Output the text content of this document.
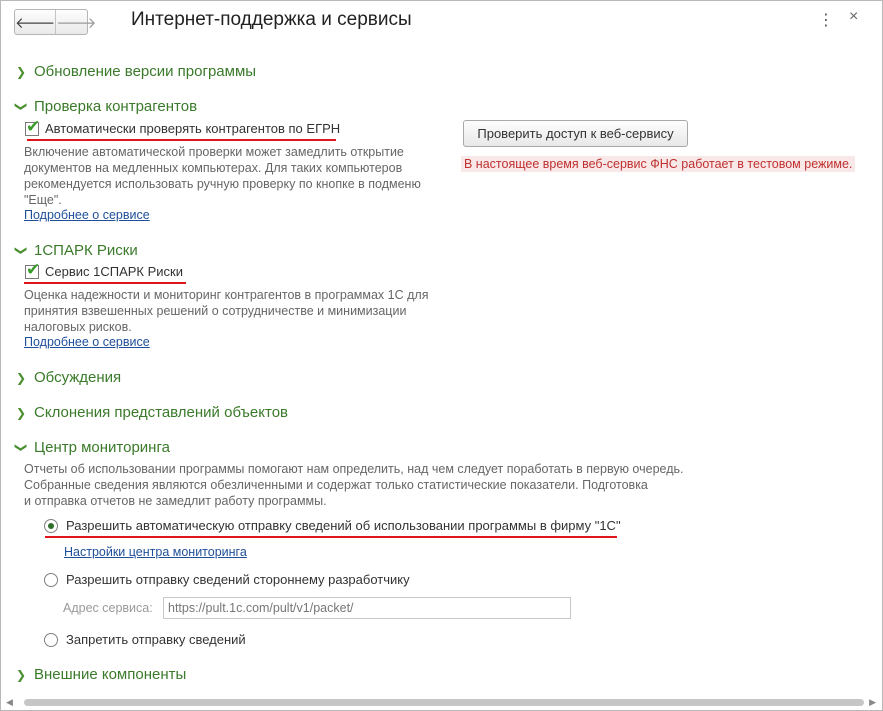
🡐 🡒 Интернет-поддержка и сервисы	⋮ ×
❯ Обновление версии программы
❯ Проверка контрагентов
✔ Автоматически проверять контрагентов по ЕГРН
Включение автоматической проверки может замедлить открытие
документов на медленных компьютерах. Для таких компьютеров
рекомендуется использовать ручную проверку по кнопке в подменю
"Еще".
Подробнее о сервисе
Проверить доступ к веб-сервису
В настоящее время веб-сервис ФНС работает в тестовом режиме.
❯ 1СПАРК Риски
✔ Сервис 1СПАРК Риски
Оценка надежности и мониторинг контрагентов в программах 1С для
принятия взвешенных решений о сотрудничестве и минимизации
налоговых рисков.
Подробнее о сервисе
❯ Обсуждения
❯ Склонения представлений объектов
❯ Центр мониторинга
Отчеты об использовании программы помогают нам определить, над чем следует поработать в первую очередь.
Собранные сведения являются обезличенными и содержат только статистические показатели. Подготовка
и отправка отчетов не замедлит работу программы.
Разрешить автоматическую отправку сведений об использовании программы в фирму "1С"
Настройки центра мониторинга
Разрешить отправку сведений стороннему разработчику
Адрес сервиса:	https://pult.1c.com/pult/v1/packet/
Запретить отправку сведений
❯ Внешние компоненты
◀	▶
